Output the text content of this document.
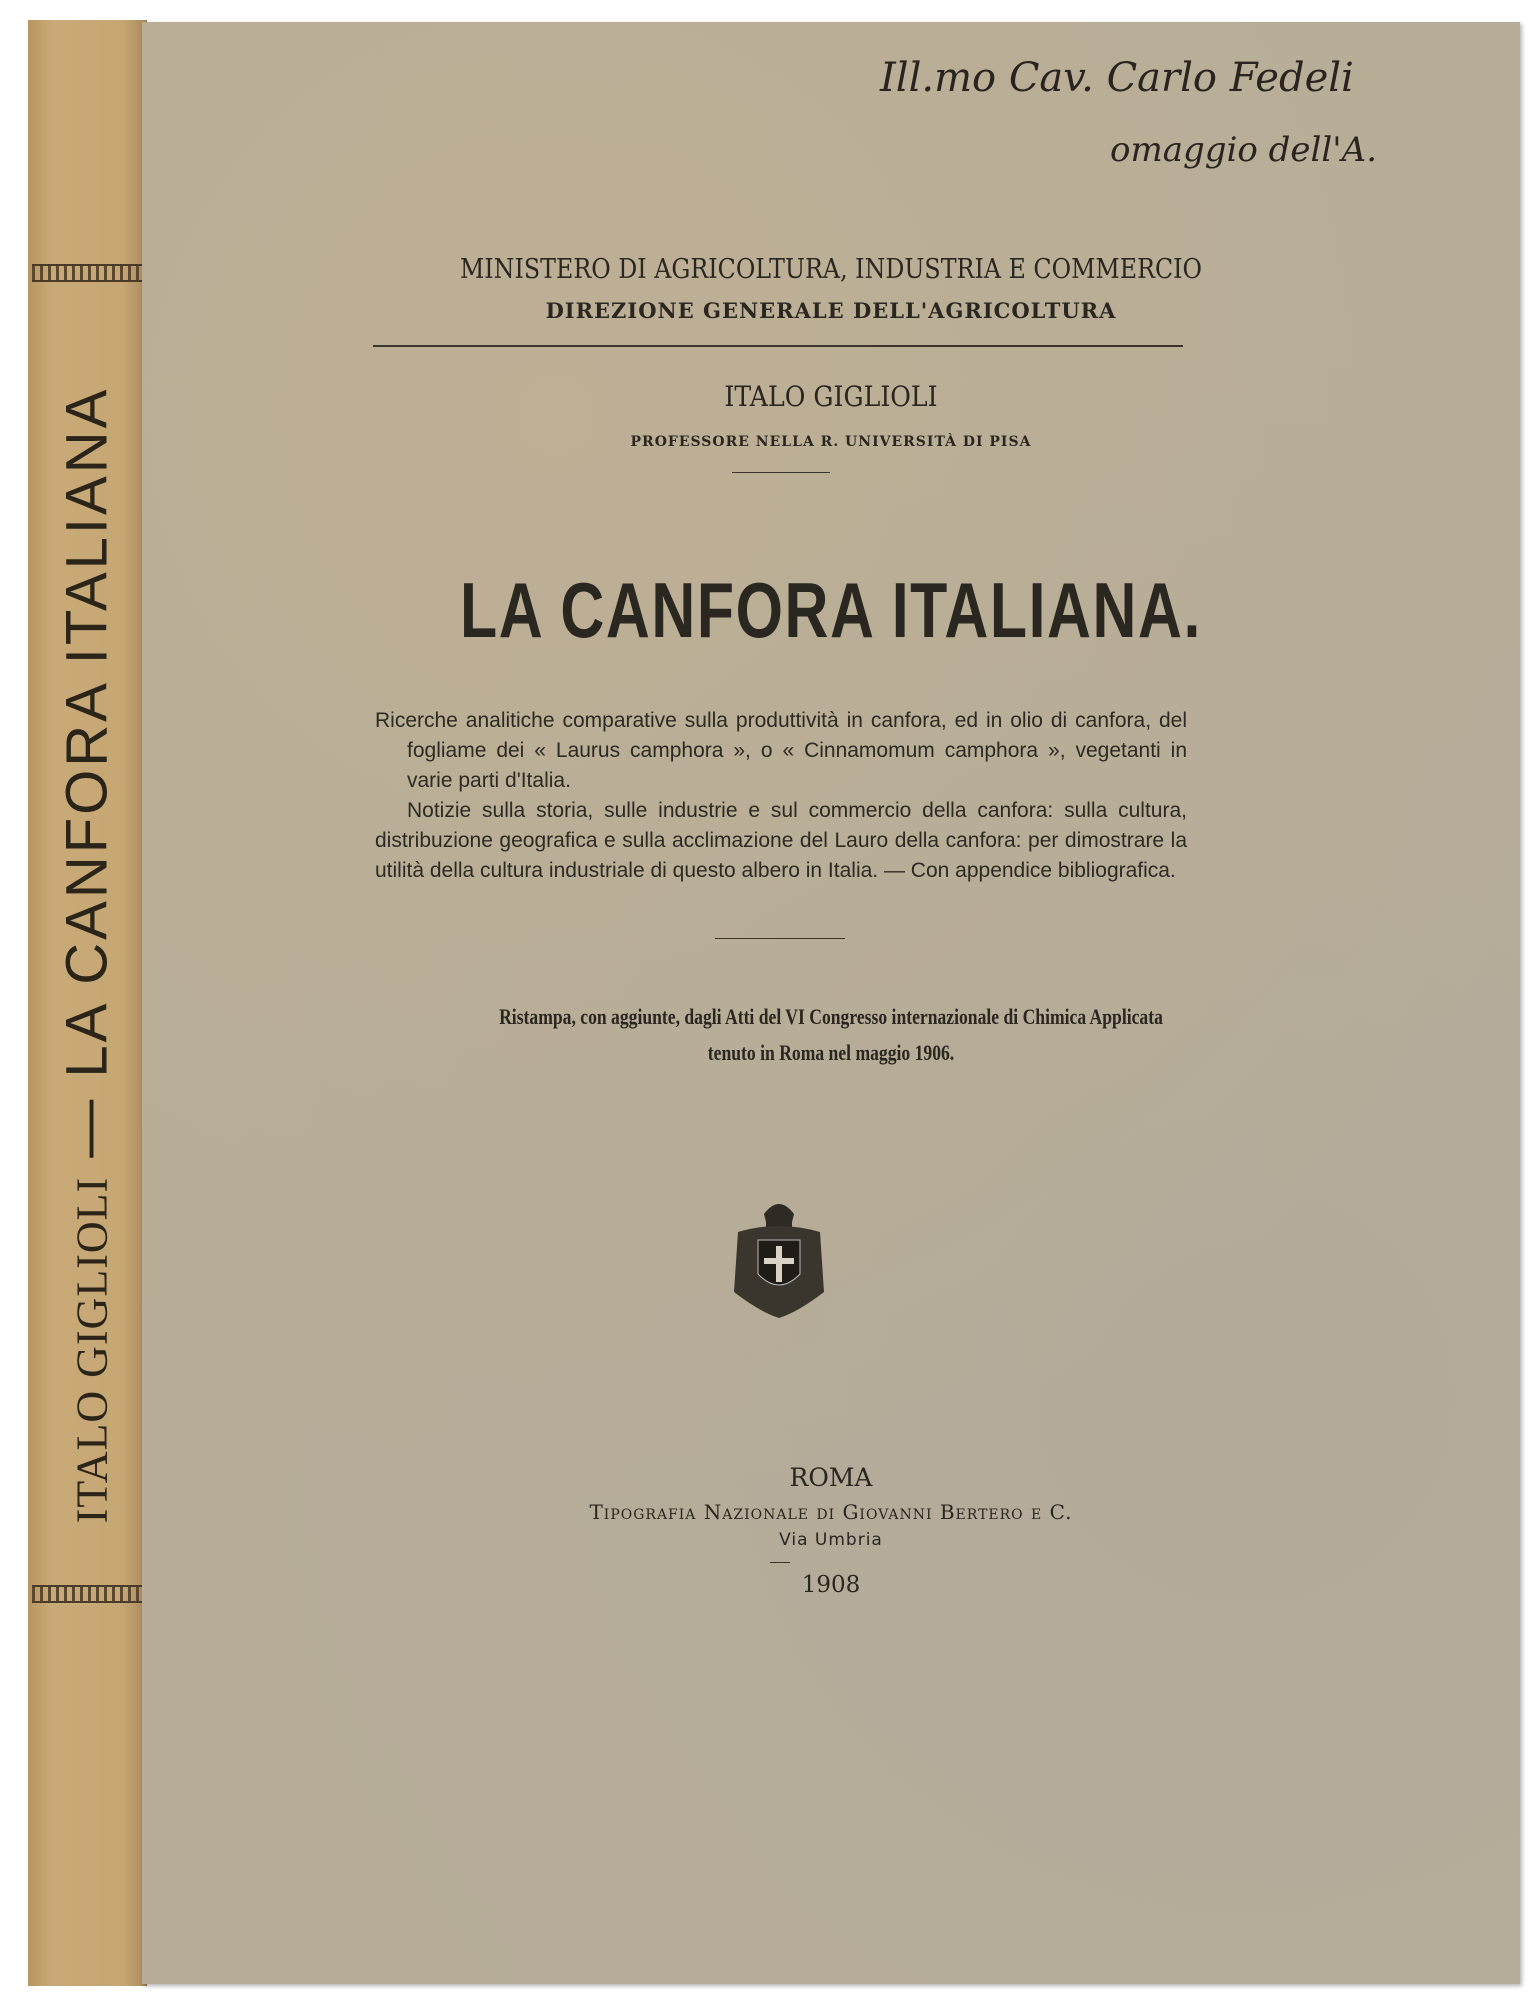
ITALO GIGLIOLI — LA CANFORA ITALIANA
Ill.mo Cav. Carlo Fedeli
omaggio dell'A.
MINISTERO DI AGRICOLTURA, INDUSTRIA E COMMERCIO
DIREZIONE GENERALE DELL'AGRICOLTURA
ITALO GIGLIOLI
PROFESSORE NELLA R. UNIVERSITÀ DI PISA
LA CANFORA ITALIANA.

Ricerche analitiche comparative sulla produttività in canfora, ed in olio di canfora, del fogliame dei « Laurus camphora », o « Cinnamomum camphora », vegetanti in varie parti d'Italia.

Notizie sulla storia, sulle industrie e sul commercio della canfora: sulla cultura, distribuzione geografica e sulla acclimazione del Lauro della canfora: per dimostrare la utilità della cultura industriale di questo albero in Italia. — Con appendice bibliografica.

Ristampa, con aggiunte, dagli Atti del VI Congresso internazionale di Chimica Applicata
tenuto in Roma nel maggio 1906.
ROMA
Tipografia Nazionale di Giovanni Bertero e C.
Via Umbria
1908
